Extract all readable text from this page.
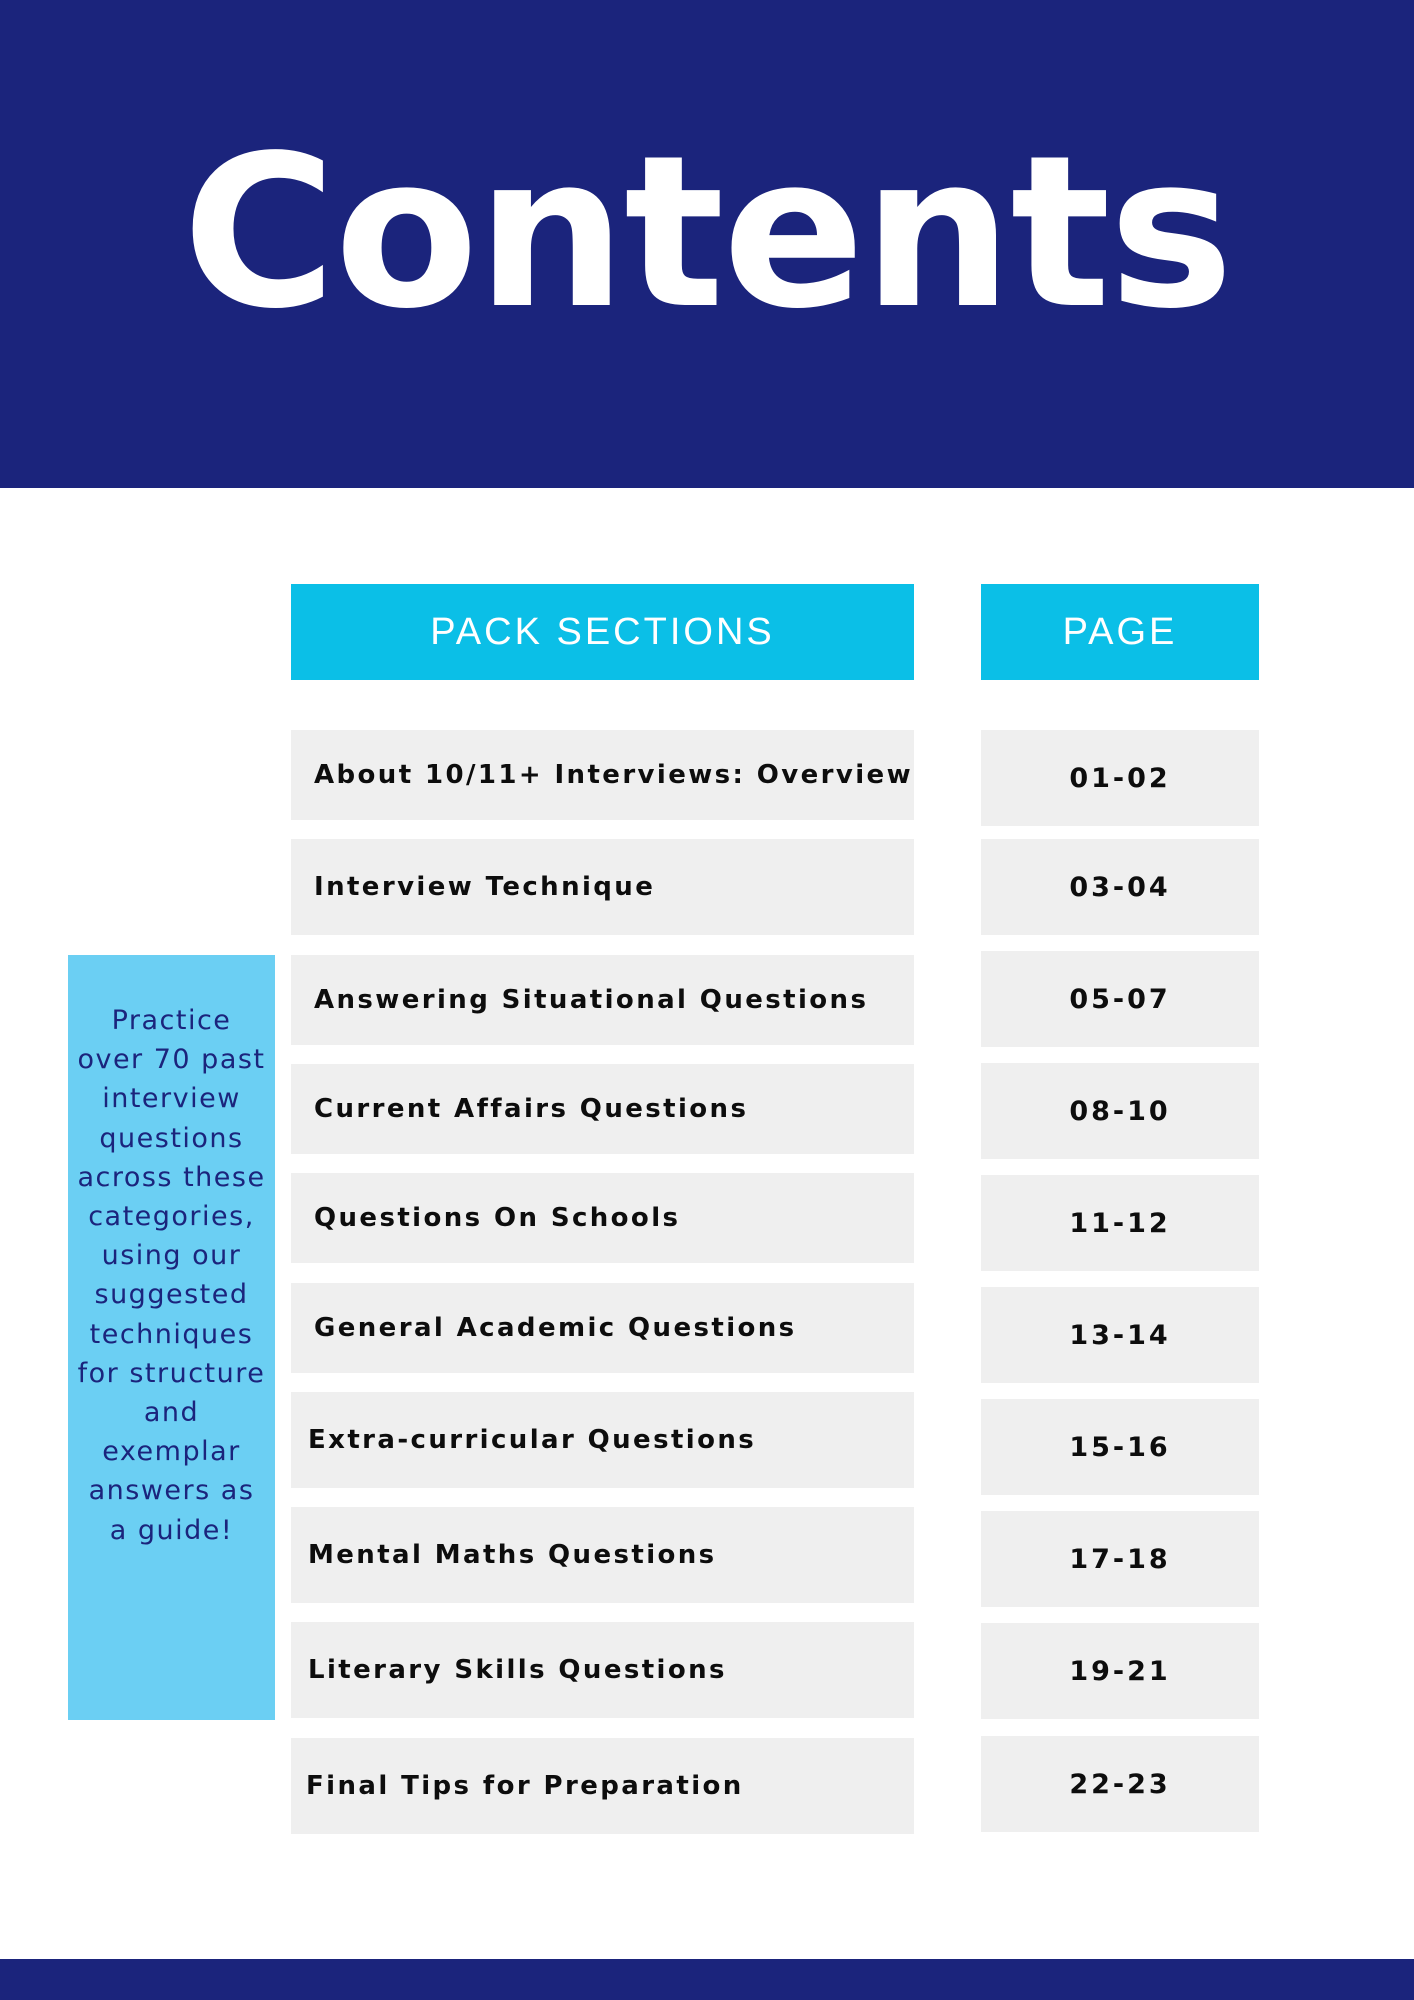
Contents
PACK SECTIONS	PAGE
About 10/11+ Interviews: Overview	01-02
Interview Technique	03-04
Answering Situational Questions	05-07
Current Affairs Questions	08-10
Questions On Schools	11-12
General Academic Questions	13-14
Extra-curricular Questions	15-16
Mental Maths Questions	17-18
Literary Skills Questions	19-21
Final Tips for Preparation	22-23
Practice over 70 past interview questions across these categories, using our suggested techniques for structure and exemplar answers as a guide!
